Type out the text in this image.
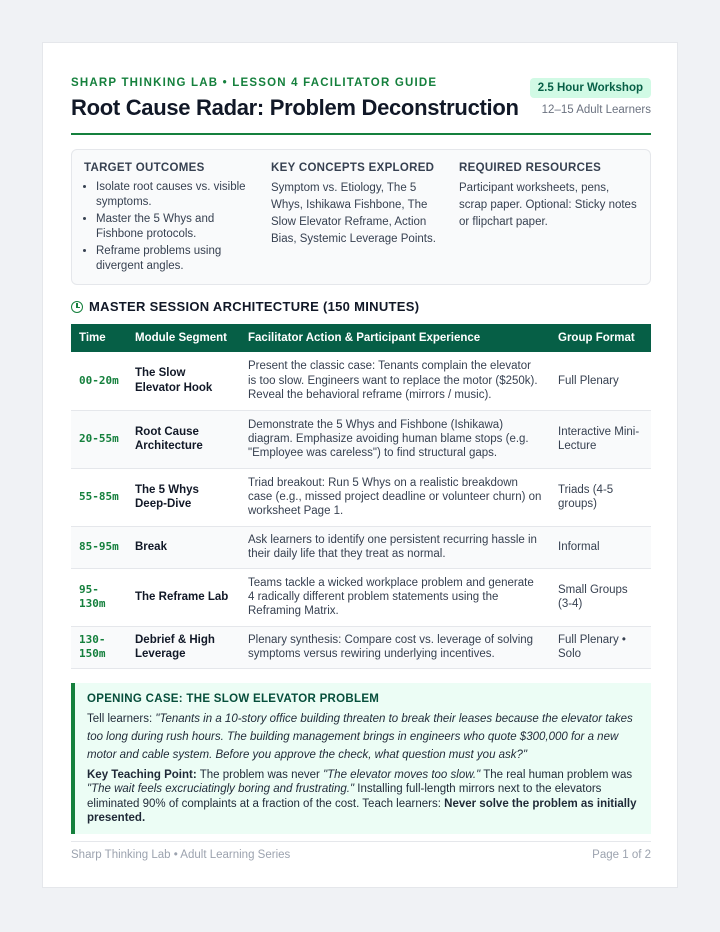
SHARP THINKING LAB • LESSON 4 FACILITATOR GUIDE
Root Cause Radar: Problem Deconstruction
2.5 Hour Workshop
12–15 Adult Learners
TARGET OUTCOMES
• Isolate root causes vs. visible symptoms.
• Master the 5 Whys and Fishbone protocols.
• Reframe problems using divergent angles.
KEY CONCEPTS EXPLORED
Symptom vs. Etiology, The 5 Whys, Ishikawa Fishbone, The Slow Elevator Reframe, Action Bias, Systemic Leverage Points.
REQUIRED RESOURCES
Participant worksheets, pens, scrap paper. Optional: Sticky notes or flipchart paper.
MASTER SESSION ARCHITECTURE (150 MINUTES)
Time	Module Segment	Facilitator Action & Participant Experience	Group Format
00-20m	The Slow Elevator Hook	Present the classic case: Tenants complain the elevator is too slow. Engineers want to replace the motor ($250k). Reveal the behavioral reframe (mirrors / music).	Full Plenary
20-55m	Root Cause Architecture	Demonstrate the 5 Whys and Fishbone (Ishikawa) diagram. Emphasize avoiding human blame stops (e.g. "Employee was careless") to find structural gaps.	Interactive Mini-Lecture
55-85m	The 5 Whys Deep-Dive	Triad breakout: Run 5 Whys on a realistic breakdown case (e.g., missed project deadline or volunteer churn) on worksheet Page 1.	Triads (4-5 groups)
85-95m	Break	Ask learners to identify one persistent recurring hassle in their daily life that they treat as normal.	Informal
95-130m	The Reframe Lab	Teams tackle a wicked workplace problem and generate 4 radically different problem statements using the Reframing Matrix.	Small Groups (3-4)
130-150m	Debrief & High Leverage	Plenary synthesis: Compare cost vs. leverage of solving symptoms versus rewiring underlying incentives.	Full Plenary • Solo
OPENING CASE: THE SLOW ELEVATOR PROBLEM
Tell learners: "Tenants in a 10-story office building threaten to break their leases because the elevator takes too long during rush hours. The building management brings in engineers who quote $300,000 for a new motor and cable system. Before you approve the check, what question must you ask?"
Key Teaching Point: The problem was never "The elevator moves too slow." The real human problem was "The wait feels excruciatingly boring and frustrating." Installing full-length mirrors next to the elevators eliminated 90% of complaints at a fraction of the cost. Teach learners: Never solve the problem as initially presented.
Sharp Thinking Lab • Adult Learning Series	Page 1 of 2
